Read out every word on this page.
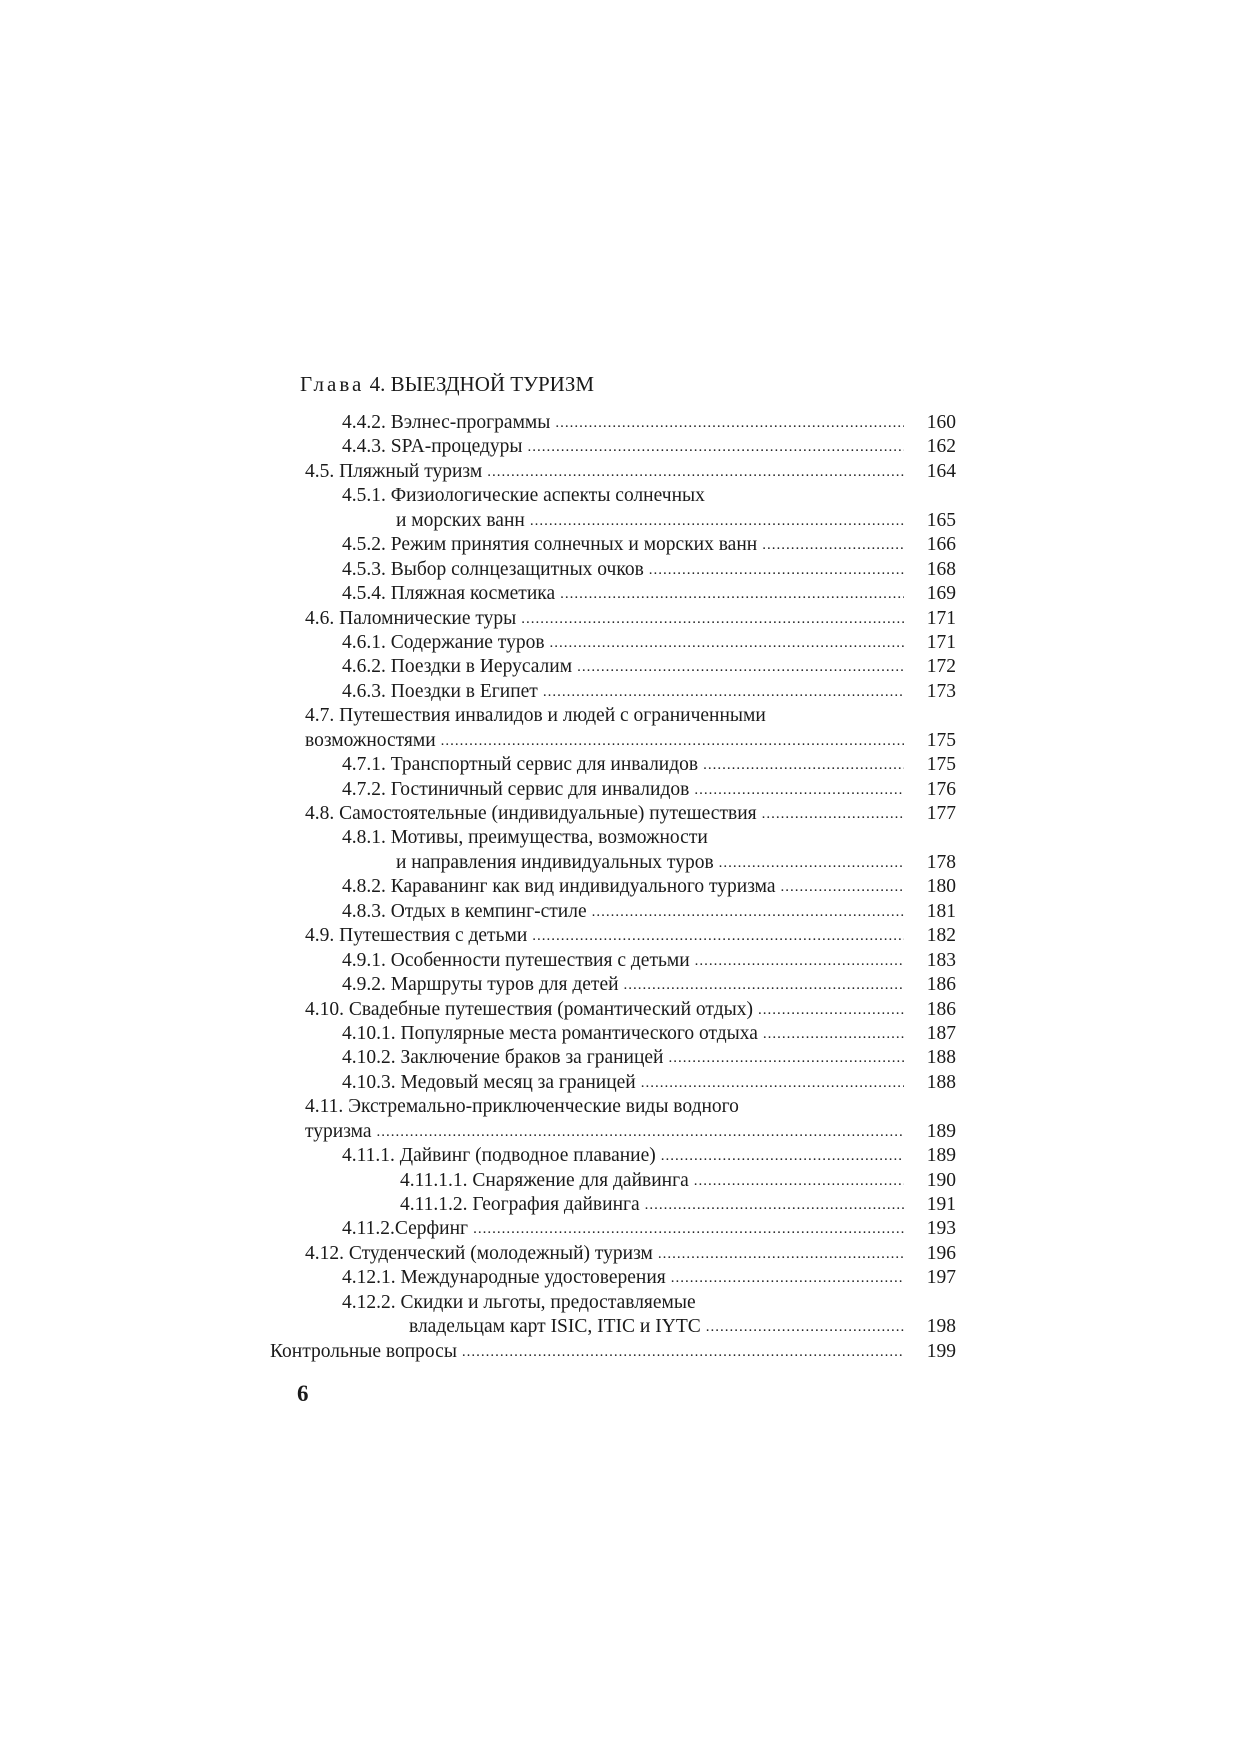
Глава 4. ВЫЕЗДНОЙ ТУРИЗМ
4.4.2. Вэлнес-программы .....	160
4.4.3. SPA-процедуры .....	162
4.5. Пляжный туризм .....	164
4.5.1. Физиологические аспекты солнечных
и морских ванн .....	165
4.5.2. Режим принятия солнечных и морских ванн .....	166
4.5.3. Выбор солнцезащитных очков .....	168
4.5.4. Пляжная косметика .....	169
4.6. Паломнические туры .....	171
4.6.1. Содержание туров .....	171
4.6.2. Поездки в Иерусалим .....	172
4.6.3. Поездки в Египет .....	173
4.7. Путешествия инвалидов и людей с ограниченными
возможностями .....	175
4.7.1. Транспортный сервис для инвалидов .....	175
4.7.2. Гостиничный сервис для инвалидов .....	176
4.8. Самостоятельные (индивидуальные) путешествия .....	177
4.8.1. Мотивы, преимущества, возможности
и направления индивидуальных туров .....	178
4.8.2. Караванинг как вид индивидуального туризма .....	180
4.8.3. Отдых в кемпинг-стиле .....	181
4.9. Путешествия с детьми .....	182
4.9.1. Особенности путешествия с детьми .....	183
4.9.2. Маршруты туров для детей .....	186
4.10. Свадебные путешествия (романтический отдых) .....	186
4.10.1. Популярные места романтического отдыха .....	187
4.10.2. Заключение браков за границей .....	188
4.10.3. Медовый месяц за границей .....	188
4.11. Экстремально-приключенческие виды водного
туризма .....	189
4.11.1. Дайвинг (подводное плавание) .....	189
4.11.1.1. Снаряжение для дайвинга .....	190
4.11.1.2. География дайвинга .....	191
4.11.2.Серфинг .....	193
4.12. Студенческий (молодежный) туризм .....	196
4.12.1. Международные удостоверения .....	197
4.12.2. Скидки и льготы, предоставляемые
владельцам карт ISIC, ITIC и IYTC .....	198
Контрольные вопросы .....	199
6
